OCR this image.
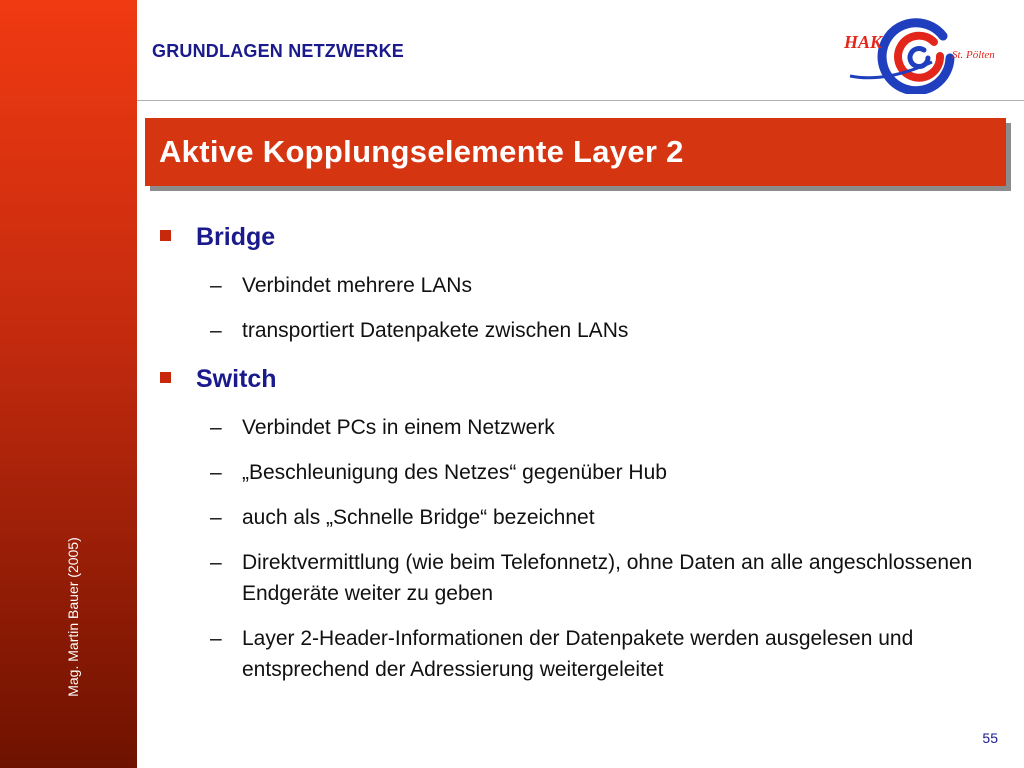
Mag. Martin Bauer (2005)
GRUNDLAGEN NETZWERKE	HAK
St. Pölten
Aktive Kopplungselemente Layer 2
Bridge
– Verbindet mehrere LANs
– transportiert Datenpakete zwischen LANs
Switch
– Verbindet PCs in einem Netzwerk
– „Beschleunigung des Netzes“ gegenüber Hub
– auch als „Schnelle Bridge“ bezeichnet
– Direktvermittlung (wie beim Telefonnetz), ohne Daten an alle angeschlossenen Endgeräte weiter zu geben
– Layer 2-Header-Informationen der Datenpakete werden ausgelesen und entsprechend der Adressierung weitergeleitet
55
